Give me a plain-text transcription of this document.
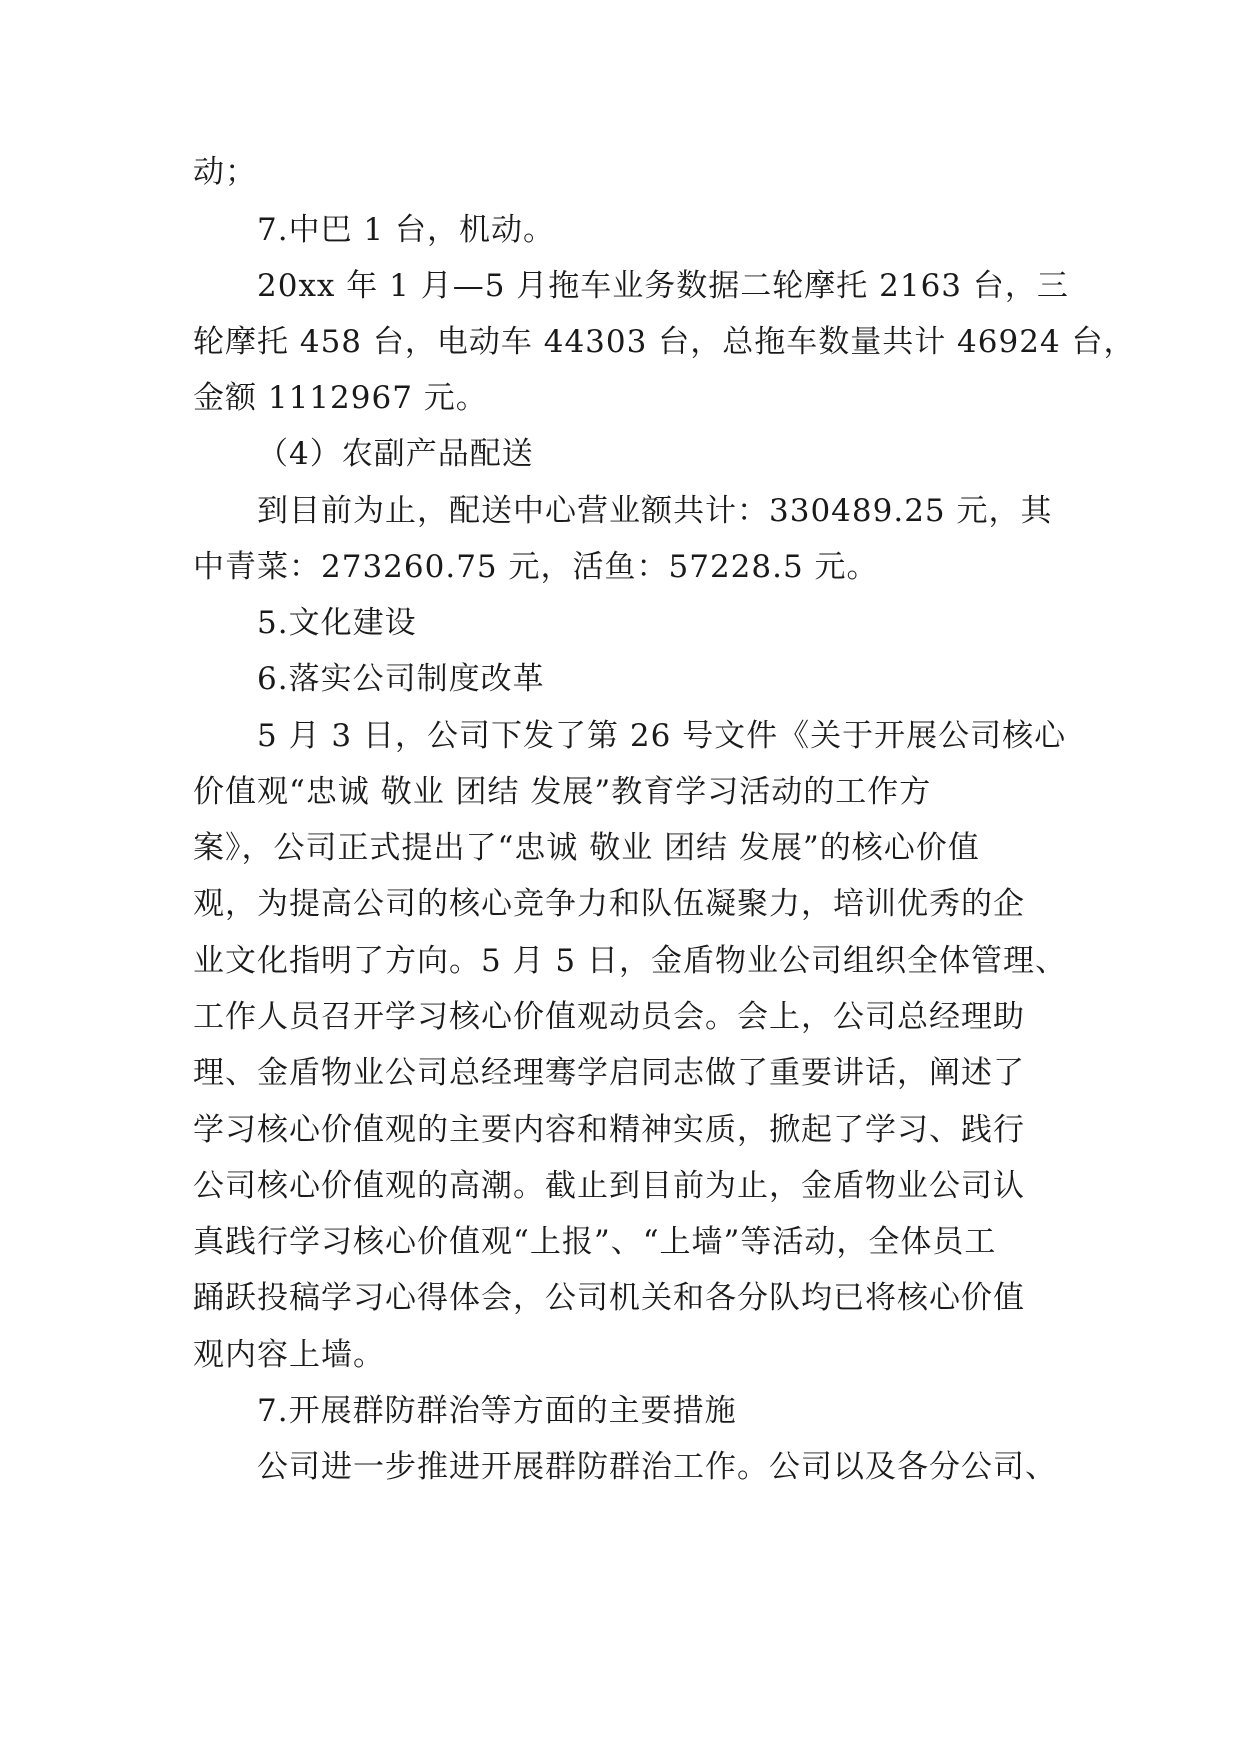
动；
7.中巴 1 台，机动。
20xx 年 1 月—5 月拖车业务数据二轮摩托 2163 台，三
轮摩托 458 台，电动车 44303 台，总拖车数量共计 46924 台，
金额 1112967 元。
（4）农副产品配送
到目前为止，配送中心营业额共计：330489.25 元，其
中青菜：273260.75 元，活鱼：57228.5 元。
5.文化建设
6.落实公司制度改革
5 月 3 日，公司下发了第 26 号文件《关于开展公司核心
价值观“忠诚 敬业 团结 发展”教育学习活动的工作方
案》，公司正式提出了“忠诚 敬业 团结 发展”的核心价值
观，为提高公司的核心竞争力和队伍凝聚力，培训优秀的企
业文化指明了方向。5 月 5 日，金盾物业公司组织全体管理、
工作人员召开学习核心价值观动员会。会上，公司总经理助
理、金盾物业公司总经理骞学启同志做了重要讲话，阐述了
学习核心价值观的主要内容和精神实质，掀起了学习、践行
公司核心价值观的高潮。截止到目前为止，金盾物业公司认
真践行学习核心价值观“上报”、“上墙”等活动，全体员工
踊跃投稿学习心得体会，公司机关和各分队均已将核心价值
观内容上墙。
7.开展群防群治等方面的主要措施
公司进一步推进开展群防群治工作。公司以及各分公司、
